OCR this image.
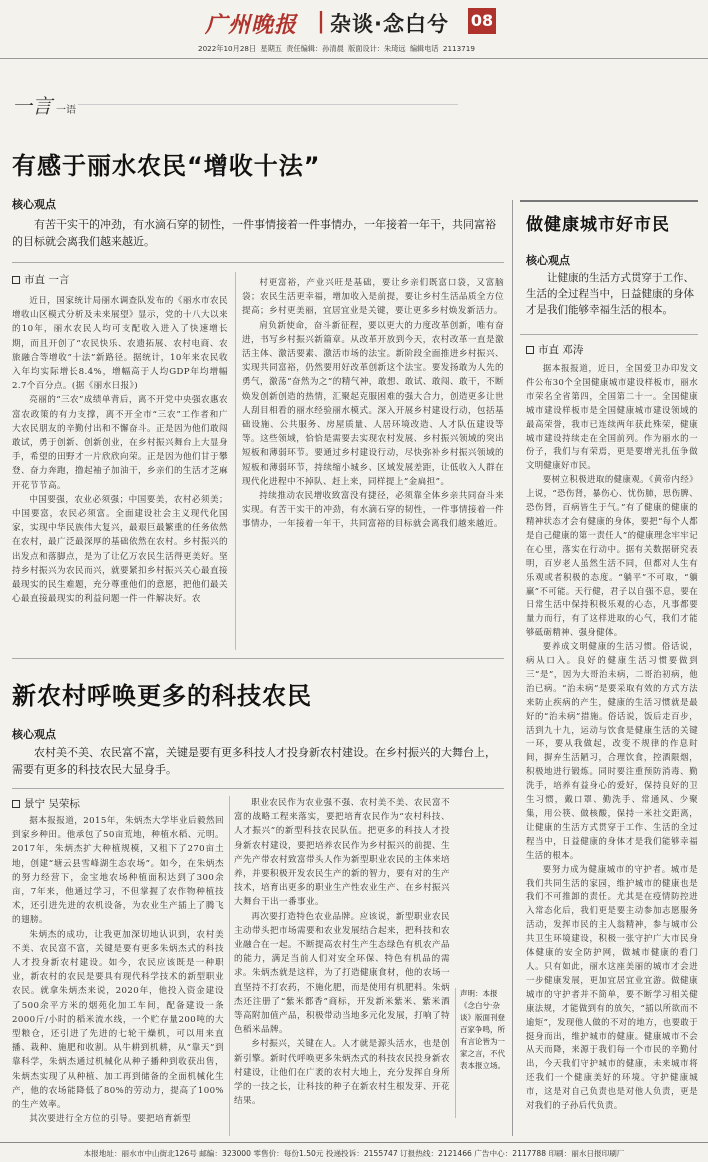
广州晚报 | 杂谈·念白兮 08
2022年10月28日 星期五 责任编辑：孙清晨 版面设计：朱琦远 编辑电话 2113719
一言 一语
有感于丽水农民“增收十法”
核心观点
有苦干实干的冲劲，有水滴石穿的韧性，一件事情接着一件事情办，一年接着一年干，共同富裕的目标就会离我们越来越近。
市直 一言

近日，国家统计局丽水调查队发布的《丽水市农民增收山区模式分析及未来展望》显示，党的十八大以来的10年，丽水农民人均可支配收入进入了快速增长期，而且开创了“农民快乐、农遗拓展、农村电商、农旅融合等增收”十法”新路径。据统计，10年来农民收入年均实际增长8.4%，增幅高于人均GDP年均增幅2.7个百分点。(据《丽水日报》)

亮丽的“三农”成绩单背后，离不开党中央强农惠农富农政策的有力支撑，离不开全市“三农”工作者和广大农民朋友的辛勤付出和不懈奋斗。正是因为他们敢闯敢试，勇于创新、创新创业，在乡村振兴舞台上大显身手，希望的田野才一片欣欣向荣。正是因为他们甘于攀登、奋力奔跑，撸起袖子加油干，乡亲们的生活才芝麻开花节节高。

中国要强，农业必须强；中国要美，农村必须美；中国要富，农民必须富。全面建设社会主义现代化国家，实现中华民族伟大复兴，最艰巨最繁重的任务依然在农村，最广泛最深厚的基础依然在农村。乡村振兴的出发点和落脚点，是为了让亿万农民生活得更美好。坚持乡村振兴为农民而兴，就要紧扣乡村振兴关心最直接最现实的民生难题，充分尊重他们的意愿，把他们最关心最直接最现实的利益问题一件一件解决好。农

村更富裕，产业兴旺是基础，要让乡亲们既富口袋，又富脑袋；农民生活更幸福，增加收入是前提，要让乡村生活品质全方位提高；乡村更美丽，宜居宜业是关键，要让更多乡村焕发新活力。

肩负新使命，奋斗新征程，要以更大的力度改革创新，唯有奋进，书写乡村振兴新篇章。从改革开放到今天，农村改革一直是激活主体、激活要素、激活市场的法宝。新阶段全面推进乡村振兴、实现共同富裕，仍然要用好改革创新这个法宝。要发扬敢为人先的勇气，激荡“奋然为之”的精气神，敢想、敢试、敢闯、敢干，不断焕发创新创造的热情，汇聚起克服困难的强大合力，创造更多让世人刮目相看的丽水经验丽水模式。深入开展乡村建设行动，包括基础设施、公共服务、房屋质量、人居环境改造、人才队伍建设等等。这些领域，恰恰是需要去实现农村发展、乡村振兴领域的突出短板和薄弱环节。要通过乡村建设行动，尽快弥补乡村振兴领域的短板和薄弱环节，持续缩小城乡、区域发展差距，让低收入人群在现代化进程中不掉队、赶上来，同样提上“金扁担”。

持续推动农民增收致富没有捷径，必须靠全体乡亲共同奋斗来实现。有苦干实干的冲劲，有水滴石穿的韧性，一件事情接着一件事情办，一年接着一年干，共同富裕的目标就会离我们越来越近。

新农村呼唤更多的科技农民
核心观点
农村美不美、农民富不富，关键是要有更多科技人才投身新农村建设。在乡村振兴的大舞台上，需要有更多的科技农民大显身手。
景宁 吴荣标

据本报报道，2015年，朱炳杰大学毕业后毅然回到家乡种田。他承包了50亩荒地，种植水稻、元明。2017年，朱炳杰扩大种植规模，又租下了270亩土地，创建“塘云县雪峰湖生态农场”。如今，在朱炳杰的努力经营下，金宝地农场种植面积达到了300余亩，7年来，他通过学习，不但掌握了农作物种植技术，还引进先进的农机设备，为农业生产插上了腾飞的翅膀。

朱炳杰的成功，让我更加深切地认识到，农村美不美、农民富不富，关键是要有更多朱炳杰式的科技人才投身新农村建设。如今，农民应该既是一种职业，新农村的农民是要具有现代科学技术的新型职业农民。就拿朱炳杰来说，2020年，他投入资金建设了500余平方米的烟苑化加工车间，配备建设一条2000斤/小时的稻米流水线，一个贮存量200吨的大型粮仓，还引进了先进的七轮干燥机，可以用来直播、栽种、施肥和收割。从牛耕到机耕，从“靠天”到靠科学，朱炳杰通过机械化从种子播种到收获出售，朱炳杰实现了从种植、加工再到储备的全面机械化生产，他的农场能降低了80%的劳动力，提高了100%的生产效率。

其次要进行全方位的引导。要把培育新型

职业农民作为农业强不强、农村美不美、农民富不富的战略工程来落实，要把培育农民作为“农村科技、人才振兴”的新型科技农民队伍。把更多的科技人才投身新农村建设，要把培养农民作为乡村振兴的前提、生产先产带农村致富带头人作为新型职业农民的主体来培养，并要积极开发农民生产的新的智力，要有对的生产技术，培育出更多的职业生产性农业生产、在乡村振兴大舞台干出一番事业。

再次要打造特色农业品牌。应该说，新型职业农民主动带头把市场需要和农业发展结合起来，把科技和农业融合在一起。不断提高农村生产生态绿色有机农产品的能力，满足当前人们对安全环保、特色有机品的需求。朱炳杰就是这样，为了打造健康食材，他的农场一直坚持不打农药，不施化肥，而是使用有机肥料。朱炳杰还注册了“紫米都香”商标，开发新米紫米、紫米酒等高附加值产品，积极带动当地多元化发展，打响了特色稻米品牌。

乡村振兴，关键在人。人才就是源头活水，也是创新引擎。新时代呼唤更多朱炳杰式的科技农民投身新农村建设，让他们在广袤的农村大地上，充分发挥自身所学的一技之长，让科技的种子在新农村生根发芽、开花结果。

声明：本报《念白兮·杂谈》版面刊登百家争鸣，所有言论皆为一家之言，不代表本报立场。
做健康城市好市民
核心观点
让健康的生活方式贯穿于工作、生活的全过程当中，日益健康的身体才是我们能够幸福生活的根本。
市直 邓涛

据本报报道，近日，全国爱卫办印发文件公布30个全国健康城市建设样板市，丽水市荣名全省第四，全国第二十一。全国健康城市建设样板市是全国健康城市建设领域的最高荣誉，我市已连续两年获此殊荣，健康城市建设持续走在全国前列。作为丽水的一份子，我们与有荣焉，更是要增光扎伍争做文明健康好市民。

要树立积极进取的健康观。《黄帝内经》上说，“恐伤肾，暴伤心、忧伤肺，思伤脾、恐伤肾，百病皆生于气。”有了健康的健康的精神状态才会有健康的身体，要把“每个人都是自己健康的第一责任人”的健康理念牢牢记在心里，落实在行动中。据有关数据研究表明，百岁老人虽然生活不同，但都对人生有乐观或者积极的态度。“躺平”不可取，“躺赢”不可能。天行健，君子以自强不息，要在日常生活中保持积极乐观的心态，凡事都要量力而行，有了这样进取的心气，我们才能够砥砺精神、强身健体。

要养成文明健康的生活习惯。俗话说，病从口入。良好的健康生活习惯要做到三“是”，因为大哥治未病，二哥治初病，他治已病。“治未病”是要采取有效的方式方法来防止疾病的产生，健康的生活习惯就是最好的“治未病”措施。俗话说，饭后走百步，活到九十九，运动与饮食是健康生活的关键一环，要从我做起，改变不规律的作息时间，摒弃生活陋习，合理饮食，控酒限烟，积极地进行锻炼。同时要注重预防消毒、勤洗手，培养有益身心的爱好，保持良好的卫生习惯，戴口罩、勤洗手、常通风、少聚集，用公筷、做核酸，保持一米社交距离，让健康的生活方式贯穿于工作、生活的全过程当中，日益健康的身体才是我们能够幸福生活的根本。

要努力成为健康城市的守护者。城市是我们共同生活的家园，维护城市的健康也是我们不可推卸的责任。尤其是在疫情防控进入常态化后，我们更是要主动参加志愿服务活动，发挥市民的主人翁精神，参与城市公共卫生环境建设，积极一张守护广大市民身体健康的安全防护网，做城市健康的看门人。只有如此，丽水这座美丽的城市才会进一步健康发展，更加宜居宜业宜游。做健康城市的守护者并不简单，要不断学习相关健康法规，才能做到有的放矢，“插以所欲而不逾矩”，发现他人做的不对的地方，也要敢于挺身而出，维护城市的健康。健康城市不会从天而降，来源于我们每一个市民的辛勤付出，今天我们守护城市的健康，未来城市将还我们一个健康美好的环境。守护健康城市，这是对自己负责也是对他人负责，更是对我们的子孙后代负责。

本报地址：丽水市中山街北126号 邮编：323000 零售价：每份1.50元 投递投诉：2155747 订报热线：2121466 广告中心：2117788 印刷：丽水日报印刷厂
